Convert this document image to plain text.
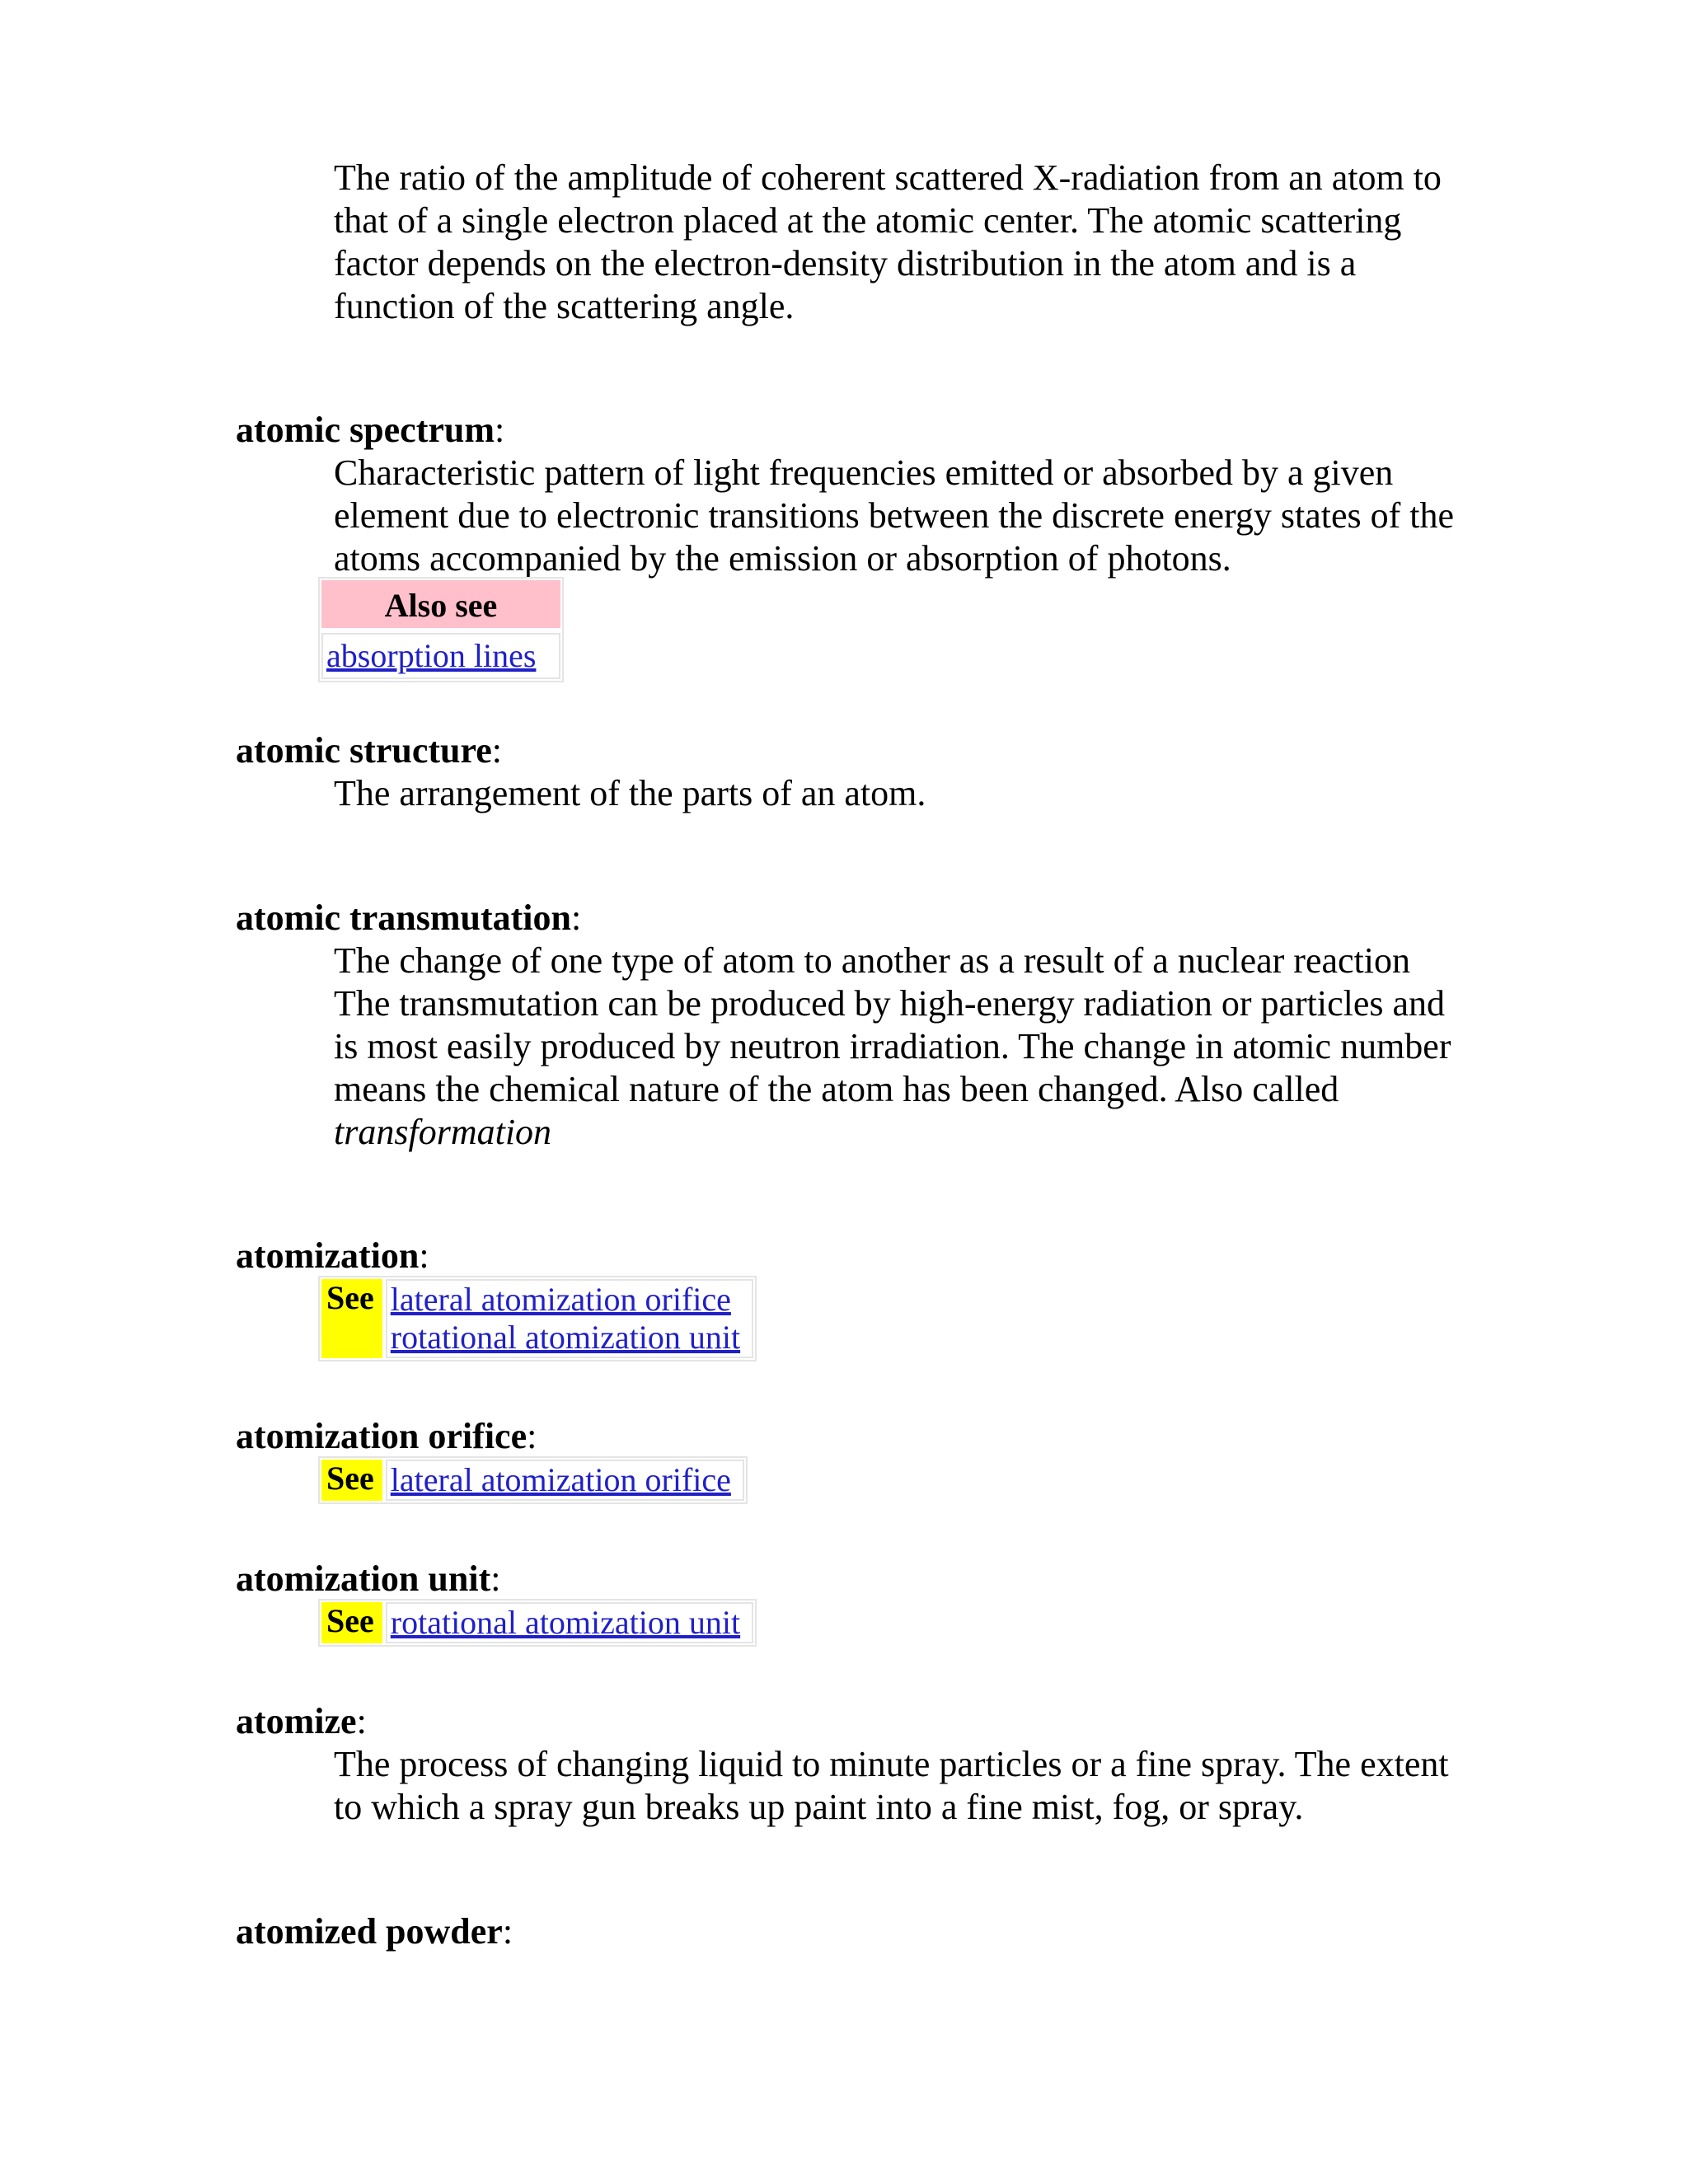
The ratio of the amplitude of coherent scattered X-radiation from an atom to that of a single electron placed at the atomic center. The atomic scattering factor depends on the electron-density distribution in the atom and is a function of the scattering angle.
atomic spectrum:
Characteristic pattern of light frequencies emitted or absorbed by a given element due to electronic transitions between the discrete energy states of the atoms accompanied by the emission or absorption of photons.
Also see
absorption lines
atomic structure:
The arrangement of the parts of an atom.
atomic transmutation:
The change of one type of atom to another as a result of a nuclear reaction The transmutation can be produced by high-energy radiation or particles and is most easily produced by neutron irradiation. The change in atomic number means the chemical nature of the atom has been changed. Also called transformation
atomization:
See lateral atomization orifice
rotational atomization unit
atomization orifice:
See lateral atomization orifice
atomization unit:
See rotational atomization unit
atomize:
The process of changing liquid to minute particles or a fine spray. The extent to which a spray gun breaks up paint into a fine mist, fog, or spray.
atomized powder:
